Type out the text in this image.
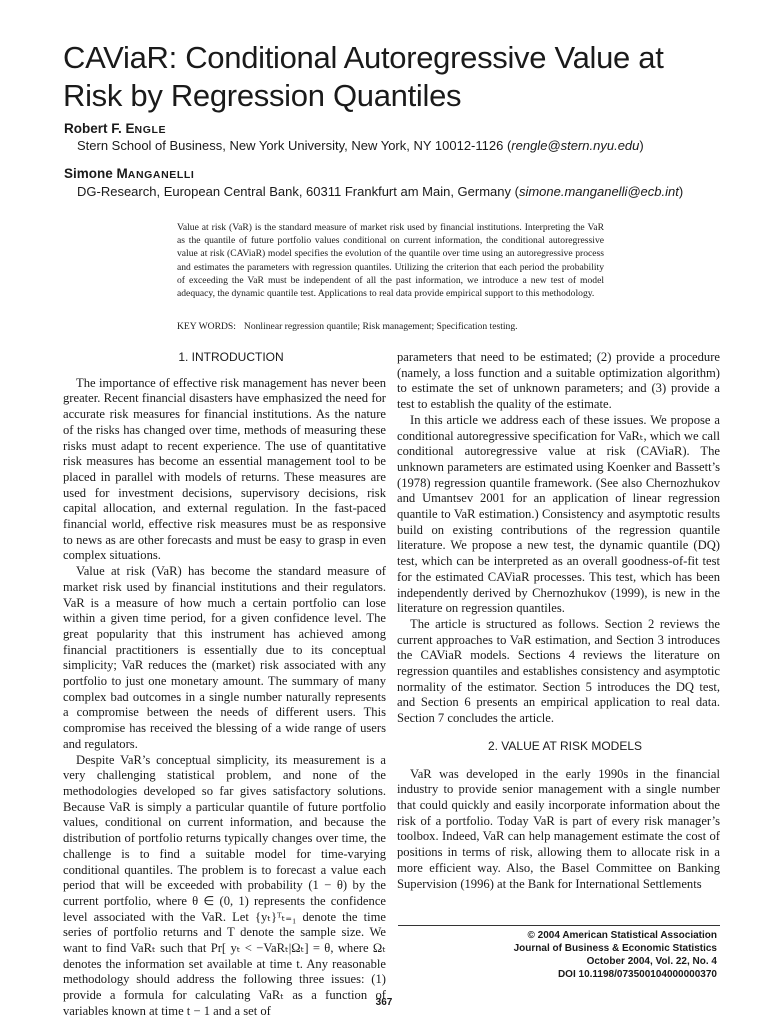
CAViaR: Conditional Autoregressive Value at Risk by Regression Quantiles
Robert F. ENGLE
Stern School of Business, New York University, New York, NY 10012-1126 (rengle@stern.nyu.edu)
Simone MANGANELLI
DG-Research, European Central Bank, 60311 Frankfurt am Main, Germany (simone.manganelli@ecb.int)
Value at risk (VaR) is the standard measure of market risk used by financial institutions. Interpreting the VaR as the quantile of future portfolio values conditional on current information, the conditional autoregressive value at risk (CAViaR) model specifies the evolution of the quantile over time using an autoregressive process and estimates the parameters with regression quantiles. Utilizing the criterion that each period the probability of exceeding the VaR must be independent of all the past information, we introduce a new test of model adequacy, the dynamic quantile test. Applications to real data provide empirical support to this methodology.
KEY WORDS: Nonlinear regression quantile; Risk management; Specification testing.

1. INTRODUCTION

The importance of effective risk management has never been greater. Recent financial disasters have emphasized the need for accurate risk measures for financial institutions. As the nature of the risks has changed over time, methods of measuring these risks must adapt to recent experience. The use of quantitative risk measures has become an essential management tool to be placed in parallel with models of returns. These measures are used for investment decisions, supervisory decisions, risk capital allocation, and external regulation. In the fast-paced financial world, effective risk measures must be as responsive to news as are other forecasts and must be easy to grasp in even complex situations.

Value at risk (VaR) has become the standard measure of market risk used by financial institutions and their regulators. VaR is a measure of how much a certain portfolio can lose within a given time period, for a given confidence level. The great popularity that this instrument has achieved among financial practitioners is essentially due to its conceptual simplicity; VaR reduces the (market) risk associated with any portfolio to just one monetary amount. The summary of many complex bad outcomes in a single number naturally represents a compromise between the needs of different users. This compromise has received the blessing of a wide range of users and regulators.

Despite VaR’s conceptual simplicity, its measurement is a very challenging statistical problem, and none of the methodologies developed so far gives satisfactory solutions. Because VaR is simply a particular quantile of future portfolio values, conditional on current information, and because the distribution of portfolio returns typically changes over time, the challenge is to find a suitable model for time-varying conditional quantiles. The problem is to forecast a value each period that will be exceeded with probability (1 − θ) by the current portfolio, where θ ∈ (0, 1) represents the confidence level associated with the VaR. Let {yₜ}ᵀₜ₌₁ denote the time series of portfolio returns and T denote the sample size. We want to find VaRₜ such that Pr[ yₜ < −VaRₜ|Ωₜ] = θ, where Ωₜ denotes the information set available at time t. Any reasonable methodology should address the following three issues: (1) provide a formula for calculating VaRₜ as a function of variables known at time t − 1 and a set of

parameters that need to be estimated; (2) provide a procedure (namely, a loss function and a suitable optimization algorithm) to estimate the set of unknown parameters; and (3) provide a test to establish the quality of the estimate.

In this article we address each of these issues. We propose a conditional autoregressive specification for VaRₜ, which we call conditional autoregressive value at risk (CAViaR). The unknown parameters are estimated using Koenker and Bassett’s (1978) regression quantile framework. (See also Chernozhukov and Umantsev 2001 for an application of linear regression quantile to VaR estimation.) Consistency and asymptotic results build on existing contributions of the regression quantile literature. We propose a new test, the dynamic quantile (DQ) test, which can be interpreted as an overall goodness-of-fit test for the estimated CAViaR processes. This test, which has been independently derived by Chernozhukov (1999), is new in the literature on regression quantiles.

The article is structured as follows. Section 2 reviews the current approaches to VaR estimation, and Section 3 introduces the CAViaR models. Sections 4 reviews the literature on regression quantiles and establishes consistency and asymptotic normality of the estimator. Section 5 introduces the DQ test, and Section 6 presents an empirical application to real data. Section 7 concludes the article.

2. VALUE AT RISK MODELS

VaR was developed in the early 1990s in the financial industry to provide senior management with a single number that could quickly and easily incorporate information about the risk of a portfolio. Today VaR is part of every risk manager’s toolbox. Indeed, VaR can help management estimate the cost of positions in terms of risk, allowing them to allocate risk in a more efficient way. Also, the Basel Committee on Banking Supervision (1996) at the Bank for International Settlements

© 2004 American Statistical Association
Journal of Business & Economic Statistics
October 2004, Vol. 22, No. 4
DOI 10.1198/073500104000000370
367
